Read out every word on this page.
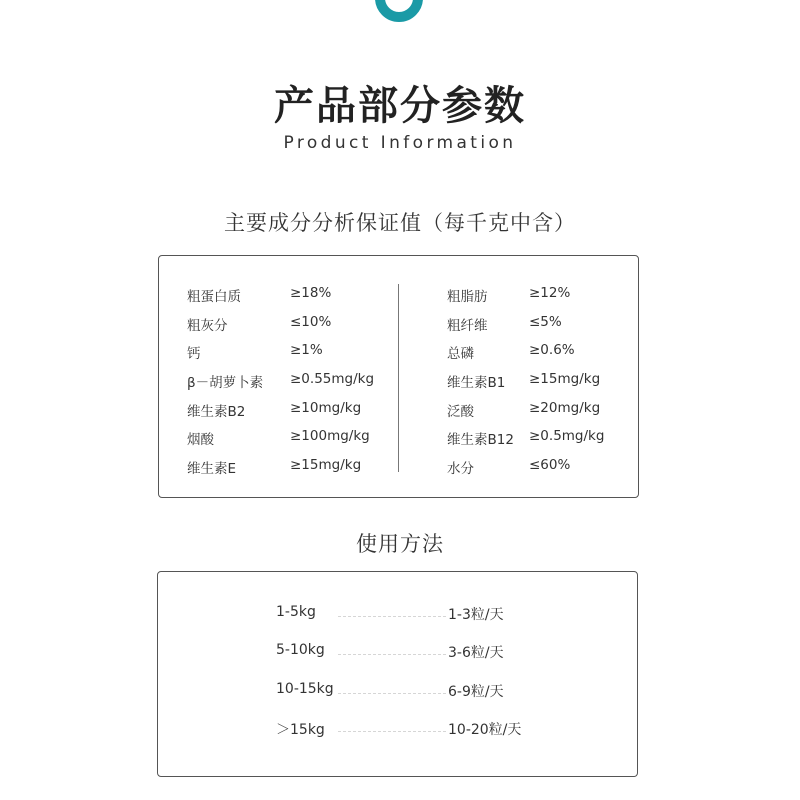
产品部分参数
Product Information
主要成分分析保证值（每千克中含）
粗蛋白质	≥18%
粗灰分	≤10%
钙	≥1%
β－胡萝卜素 ≥0.55mg/kg
维生素B2	≥10mg/kg
烟酸	≥100mg/kg
维生素E	≥15mg/kg
粗脂肪	≥12%
粗纤维	≤5%
总磷	≥0.6%
维生素B1 ≥15mg/kg
泛酸	≥20mg/kg
维生素B12 ≥0.5mg/kg
水分	≤60%
使用方法
1-5kg	1-3粒/天
5-10kg	3-6粒/天
10-15kg	6-9粒/天
＞15kg	10-20粒/天
